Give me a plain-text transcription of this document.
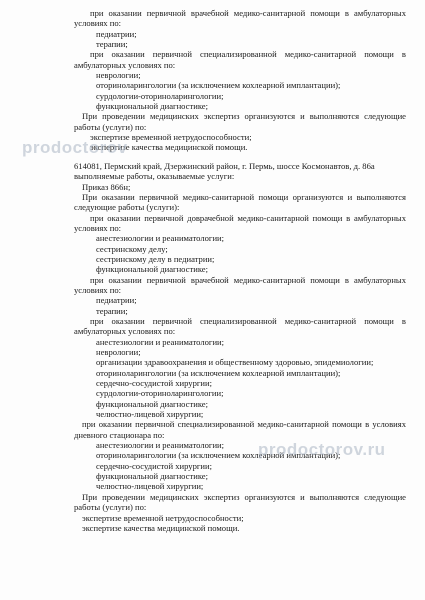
при оказании первичной врачебной медико-санитарной помощи в амбулаторных
условиях по:
педиатрии;
терапии;
при оказании первичной специализированной медико-санитарной помощи в
амбулаторных условиях по:
неврологии;
оториноларингологии (за исключением кохлеарной имплантации);
сурдологии-оториноларингологии;
функциональной диагностике;
При проведении медицинских экспертиз организуются и выполняются следующие
работы (услуги) по:
экспертизе временной нетрудоспособности;
экспертизе качества медицинской помощи.
614081, Пермский край, Дзержинский район, г. Пермь, шоссе Космонавтов, д. 86а
выполняемые работы, оказываемые услуги:
Приказ 866н;
При оказании первичной медико-санитарной помощи организуются и выполняются
следующие работы (услуги):
при оказании первичной доврачебной медико-санитарной помощи в амбулаторных
условиях по:
анестезиологии и реаниматологии;
сестринскому делу;
сестринскому делу в педиатрии;
функциональной диагностике;
при оказании первичной врачебной медико-санитарной помощи в амбулаторных
условиях по:
педиатрии;
терапии;
при оказании первичной специализированной медико-санитарной помощи в
амбулаторных условиях по:
анестезиологии и реаниматологии;
неврологии;
организации здравоохранения и общественному здоровью, эпидемиологии;
оториноларингологии (за исключением кохлеарной имплантации);
сердечно-сосудистой хирургии;
сурдологии-оториноларингологии;
функциональной диагностике;
челюстно-лицевой хирургии;
при оказании первичной специализированной медико-санитарной помощи в условиях
дневного стационара по:
анестезиологии и реаниматологии;
оториноларингологии (за исключением кохлеарной имплантации);
сердечно-сосудистой хирургии;
функциональной диагностике;
челюстно-лицевой хирургии;
При проведении медицинских экспертиз организуются и выполняются следующие
работы (услуги) по:
экспертизе временной нетрудоспособности;
экспертизе качества медицинской помощи.
prodoctorov
prodoctorov.ru
